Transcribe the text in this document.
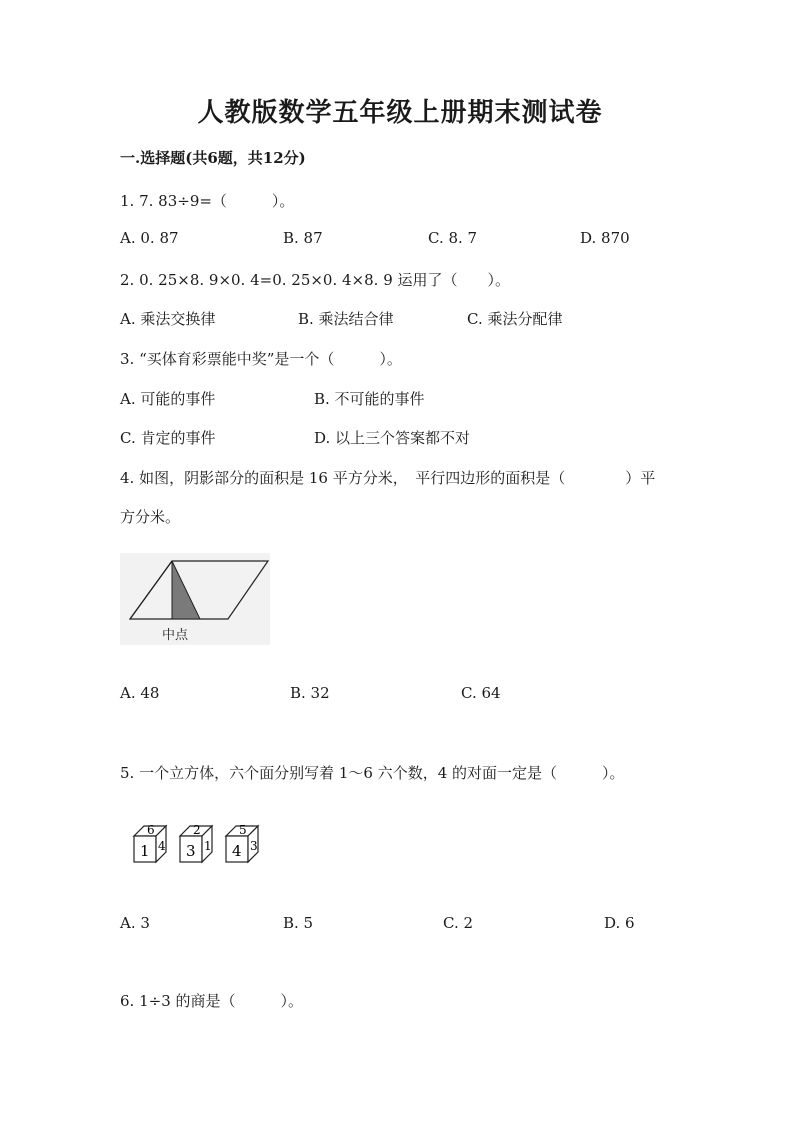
人教版数学五年级上册期末测试卷
一.选择题(共6题，共12分)
1. 7. 83÷9=（　　　）。
A. 0. 87	B. 87	C. 8. 7	D. 870
2. 0. 25×8. 9×0. 4=0. 25×0. 4×8. 9 运用了（　　）。
A. 乘法交换律	B. 乘法结合律	C. 乘法分配律
3. “买体育彩票能中奖”是一个（　　　）。
A. 可能的事件	B. 不可能的事件
C. 肯定的事件	D. 以上三个答案都不对
4. 如图，阴影部分的面积是 16 平方分米，　平行四边形的面积是（　　　　）平
方分米。
中点
A. 48	B. 32	C. 64
5. 一个立方体，六个面分别写着 1～6 六个数，4 的对面一定是（　　　）。
6
1 4
2
3 1
5
4 3
A. 3	B. 5	C. 2	D. 6
6. 1÷3 的商是（　　　）。
